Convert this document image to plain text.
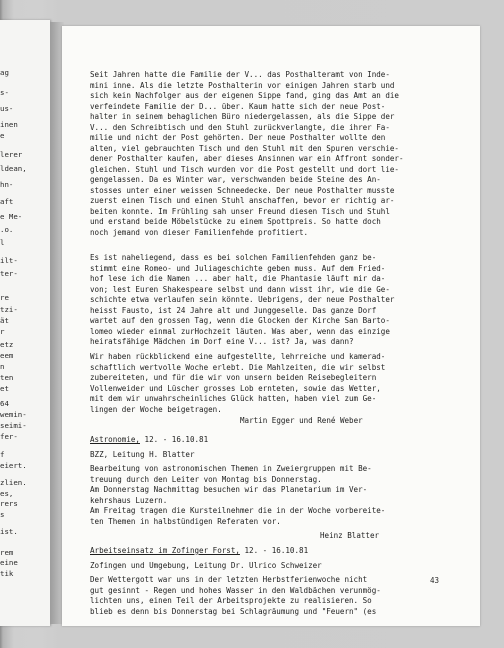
ag
s-
us-
inen
e
lerer
ldean,
hn-
aft
e Me-
.o.
l
ilt-
ter-
re
tzi-
ät
r
etz
eem
n
ten
et
64
wemin-
seimi-
fer-
f
eiert.
zlien.
es,
rers
s
ist.
rem
eine
tik
Seit Jahren hatte die Familie der V... das Posthalteramt von Inde-
mini inne. Als die letzte Posthalterin vor einigen Jahren starb und
sich kein Nachfolger aus der eigenen Sippe fand, ging das Amt an die
verfeindete Familie der D... über. Kaum hatte sich der neue Post-
halter in seinem behaglichen Büro niedergelassen, als die Sippe der
V... den Schreibtisch und den Stuhl zurückverlangte, die ihrer Fa-
milie und nicht der Post gehörten. Der neue Posthalter wollte den
alten, viel gebrauchten Tisch und den Stuhl mit den Spuren verschie-
dener Posthalter kaufen, aber dieses Ansinnen war ein Affront sonder-
gleichen. Stuhl und Tisch wurden vor die Post gestellt und dort lie-
gengelassen. Da es Winter war, verschwanden beide Steine des An-
stosses unter einer weissen Schneedecke. Der neue Posthalter musste
zuerst einen Tisch und einen Stuhl anschaffen, bevor er richtig ar-
beiten konnte. Im Frühling sah unser Freund diesen Tisch und Stuhl
und erstand beide Möbelstücke zu einem Spottpreis. So hatte doch
noch jemand von dieser Familienfehde profitiert.
Es ist naheliegend, dass es bei solchen Familienfehden ganz be-
stimmt eine Romeo- und Juliageschichte geben muss. Auf dem Fried-
hof lese ich die Namen ... aber halt, die Phantasie läuft mir da-
von; lest Euren Shakespeare selbst und dann wisst ihr, wie die Ge-
schichte etwa verlaufen sein könnte. Uebrigens, der neue Posthalter
heisst Fausto, ist 24 Jahre alt und Junggeselle. Das ganze Dorf
wartet auf den grossen Tag, wenn die Glocken der Kirche San Barto-
lomeo wieder einmal zurHochzeit läuten. Was aber, wenn das einzige
heiratsfähige Mädchen im Dorf eine V... ist? Ja, was dann?
Wir haben rückblickend eine aufgestellte, lehrreiche und kamerad-
schaftlich wertvolle Woche erlebt. Die Mahlzeiten, die wir selbst
zubereiteten, und für die wir von unsern beiden Reisebegleitern
Vollenweider und Lüscher grosses Lob ernteten, sowie das Wetter,
mit dem wir unwahrscheinliches Glück hatten, haben viel zum Ge-
lingen der Woche beigetragen.
Martin Egger und René Weber
Astronomie, 12. - 16.10.81
BZZ, Leitung H. Blatter
Bearbeitung von astronomischen Themen in Zweiergruppen mit Be-
treuung durch den Leiter von Montag bis Donnerstag.
Am Donnerstag Nachmittag besuchen wir das Planetarium im Ver-
kehrshaus Luzern.
Am Freitag tragen die Kursteilnehmer die in der Woche vorbereite-
ten Themen in halbstündigen Referaten vor.
Heinz Blatter
Arbeitseinsatz im Zofinger Forst, 12. - 16.10.81
Zofingen und Umgebung, Leitung Dr. Ulrico Schweizer
Der Wettergott war uns in der letzten Herbstferienwoche nicht
gut gesinnt - Regen und hohes Wasser in den Waldbächen verunmög-
lichten uns, einen Teil der Arbeitsprojekte zu realisieren. So
blieb es denn bis Donnerstag bei Schlagräumung und "Feuern" (es
43
